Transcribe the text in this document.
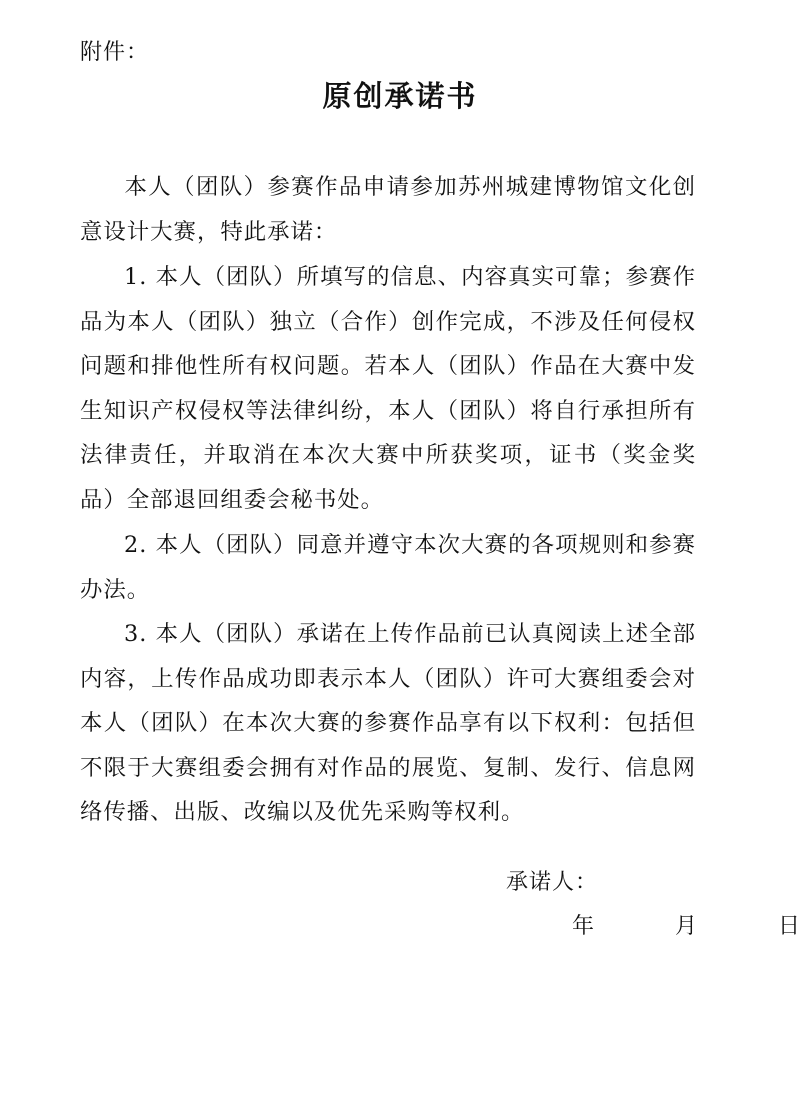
附件：
原创承诺书

本人（团队）参赛作品申请参加苏州城建博物馆文化创意设计大赛，特此承诺：

1. 本人（团队）所填写的信息、内容真实可靠；参赛作品为本人（团队）独立（合作）创作完成，不涉及任何侵权问题和排他性所有权问题。若本人（团队）作品在大赛中发生知识产权侵权等法律纠纷，本人（团队）将自行承担所有法律责任，并取消在本次大赛中所获奖项，证书（奖金奖品）全部退回组委会秘书处。

2. 本人（团队）同意并遵守本次大赛的各项规则和参赛办法。

3. 本人（团队）承诺在上传作品前已认真阅读上述全部内容，上传作品成功即表示本人（团队）许可大赛组委会对本人（团队）在本次大赛的参赛作品享有以下权利：包括但不限于大赛组委会拥有对作品的展览、复制、发行、信息网络传播、出版、改编以及优先采购等权利。

承诺人：
年   月   日
